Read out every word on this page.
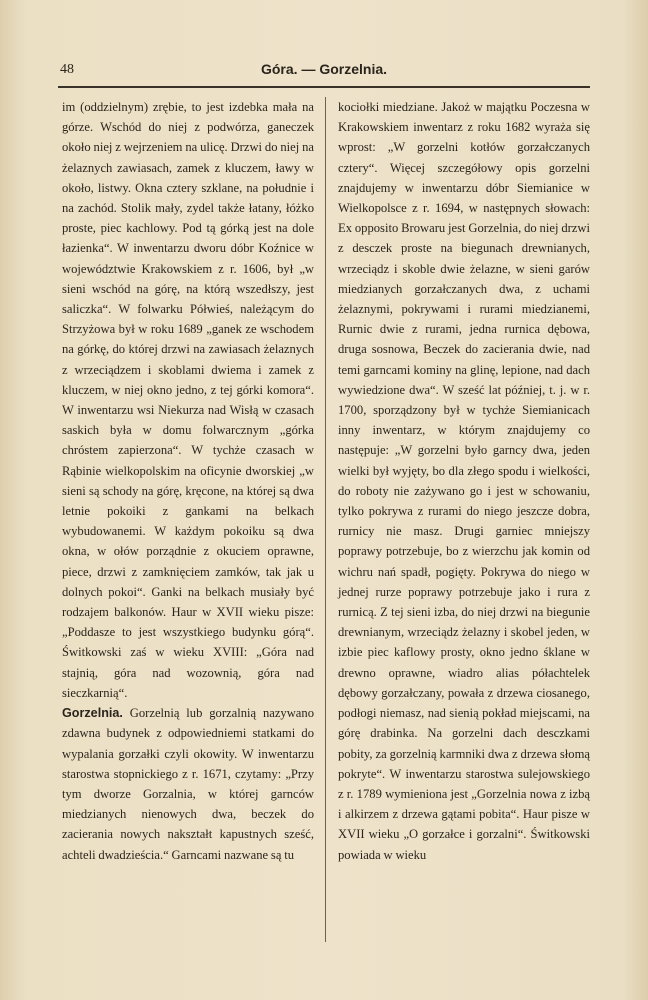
48	Góra. — Gorzelnia.

im (oddzielnym) zrębie, to jest izdebka mała na górze. Wschód do niej z podwórza, ganeczek około niej z wejrzeniem na ulicę. Drzwi do niej na żelaznych zawiasach, zamek z kluczem, ławy w około, listwy. Okna cztery szklane, na południe i na zachód. Stolik mały, zydel także łatany, łóżko proste, piec kachlowy. Pod tą górką jest na dole łazienka“. W inwentarzu dworu dóbr Koźnice w województwie Krakowskiem z r. 1606, był „w sieni wschód na górę, na którą wszedłszy, jest saliczka“. W folwarku Półwieś, należącym do Strzyżowa był w roku 1689 „ganek ze wschodem na górkę, do której drzwi na zawiasach żelaznych z wrzeciądzem i skoblami dwiema i zamek z kluczem, w niej okno jedno, z tej górki komora“. W inwentarzu wsi Niekurza nad Wisłą w czasach saskich była w domu folwarcznym „górka chróstem zapierzona“. W tychże czasach w Rąbinie wielkopolskim na oficynie dworskiej „w sieni są schody na górę, kręcone, na której są dwa letnie pokoiki z gankami na belkach wybudowanemi. W każdym pokoiku są dwa okna, w ołów porządnie z okuciem oprawne, piece, drzwi z zamknięciem zamków, tak jak u dolnych pokoi“. Ganki na belkach musiały być rodzajem balkonów. Haur w XVII wieku pisze: „Poddasze to jest wszystkiego budynku górą“. Świtkowski zaś w wieku XVIII: „Góra nad stajnią, góra nad wozownią, góra nad sieczkarnią“.

Gorzelnia. Gorzelnią lub gorzalnią nazywano zdawna budynek z odpowiedniemi statkami do wypalania gorzałki czyli okowity. W inwentarzu starostwa stopnickiego z r. 1671, czytamy: „Przy tym dworze Gorzalnia, w której garnców miedzianych nienowych dwa, beczek do zacierania nowych nakształt kapustnych sześć, achteli dwadzieścia.“ Garncami nazwane są tu

kociołki miedziane. Jakoż w majątku Poczesna w Krakowskiem inwentarz z roku 1682 wyraża się wprost: „W gorzelni kotłów gorzałczanych cztery“. Więcej szczegółowy opis gorzelni znajdujemy w inwentarzu dóbr Siemianice w Wielkopolsce z r. 1694, w następnych słowach: Ex opposito Browaru jest Gorzelnia, do niej drzwi z desczek proste na biegunach drewnianych, wrzeciądz i skoble dwie żelazne, w sieni garów miedzianych gorzałczanych dwa, z uchami żelaznymi, pokrywami i rurami miedzianemi, Rurnic dwie z rurami, jedna rurnica dębowa, druga sosnowa, Beczek do zacierania dwie, nad temi garncami kominy na glinę, lepione, nad dach wywiedzione dwa“. W sześć lat później, t. j. w r. 1700, sporządzony był w tychże Siemianicach inny inwentarz, w którym znajdujemy co następuje: „W gorzelni było garncy dwa, jeden wielki był wyjęty, bo dla złego spodu i wielkości, do roboty nie zażywano go i jest w schowaniu, tylko pokrywa z rurami do niego jeszcze dobra, rurnicy nie masz. Drugi garniec mniejszy poprawy potrzebuje, bo z wierzchu jak komin od wichru nań spadł, pogięty. Pokrywa do niego w jednej rurze poprawy potrzebuje jako i rura z rurnicą. Z tej sieni izba, do niej drzwi na biegunie drewnianym, wrzeciądz żelazny i skobel jeden, w izbie piec kaflowy prosty, okno jedno śklane w drewno oprawne, wiadro alias półachtelek dębowy gorzałczany, powała z drzewa ciosanego, podłogi niemasz, nad sienią pokład miejscami, na górę drabinka. Na gorzelni dach desczkami pobity, za gorzelnią karmniki dwa z drzewa słomą pokryte“. W inwentarzu starostwa sulejowskiego z r. 1789 wymieniona jest „Gorzelnia nowa z izbą i alkirzem z drzewa gątami pobita“. Haur pisze w XVII wieku „O gorzałce i gorzalni“. Świtkowski powiada w wieku
